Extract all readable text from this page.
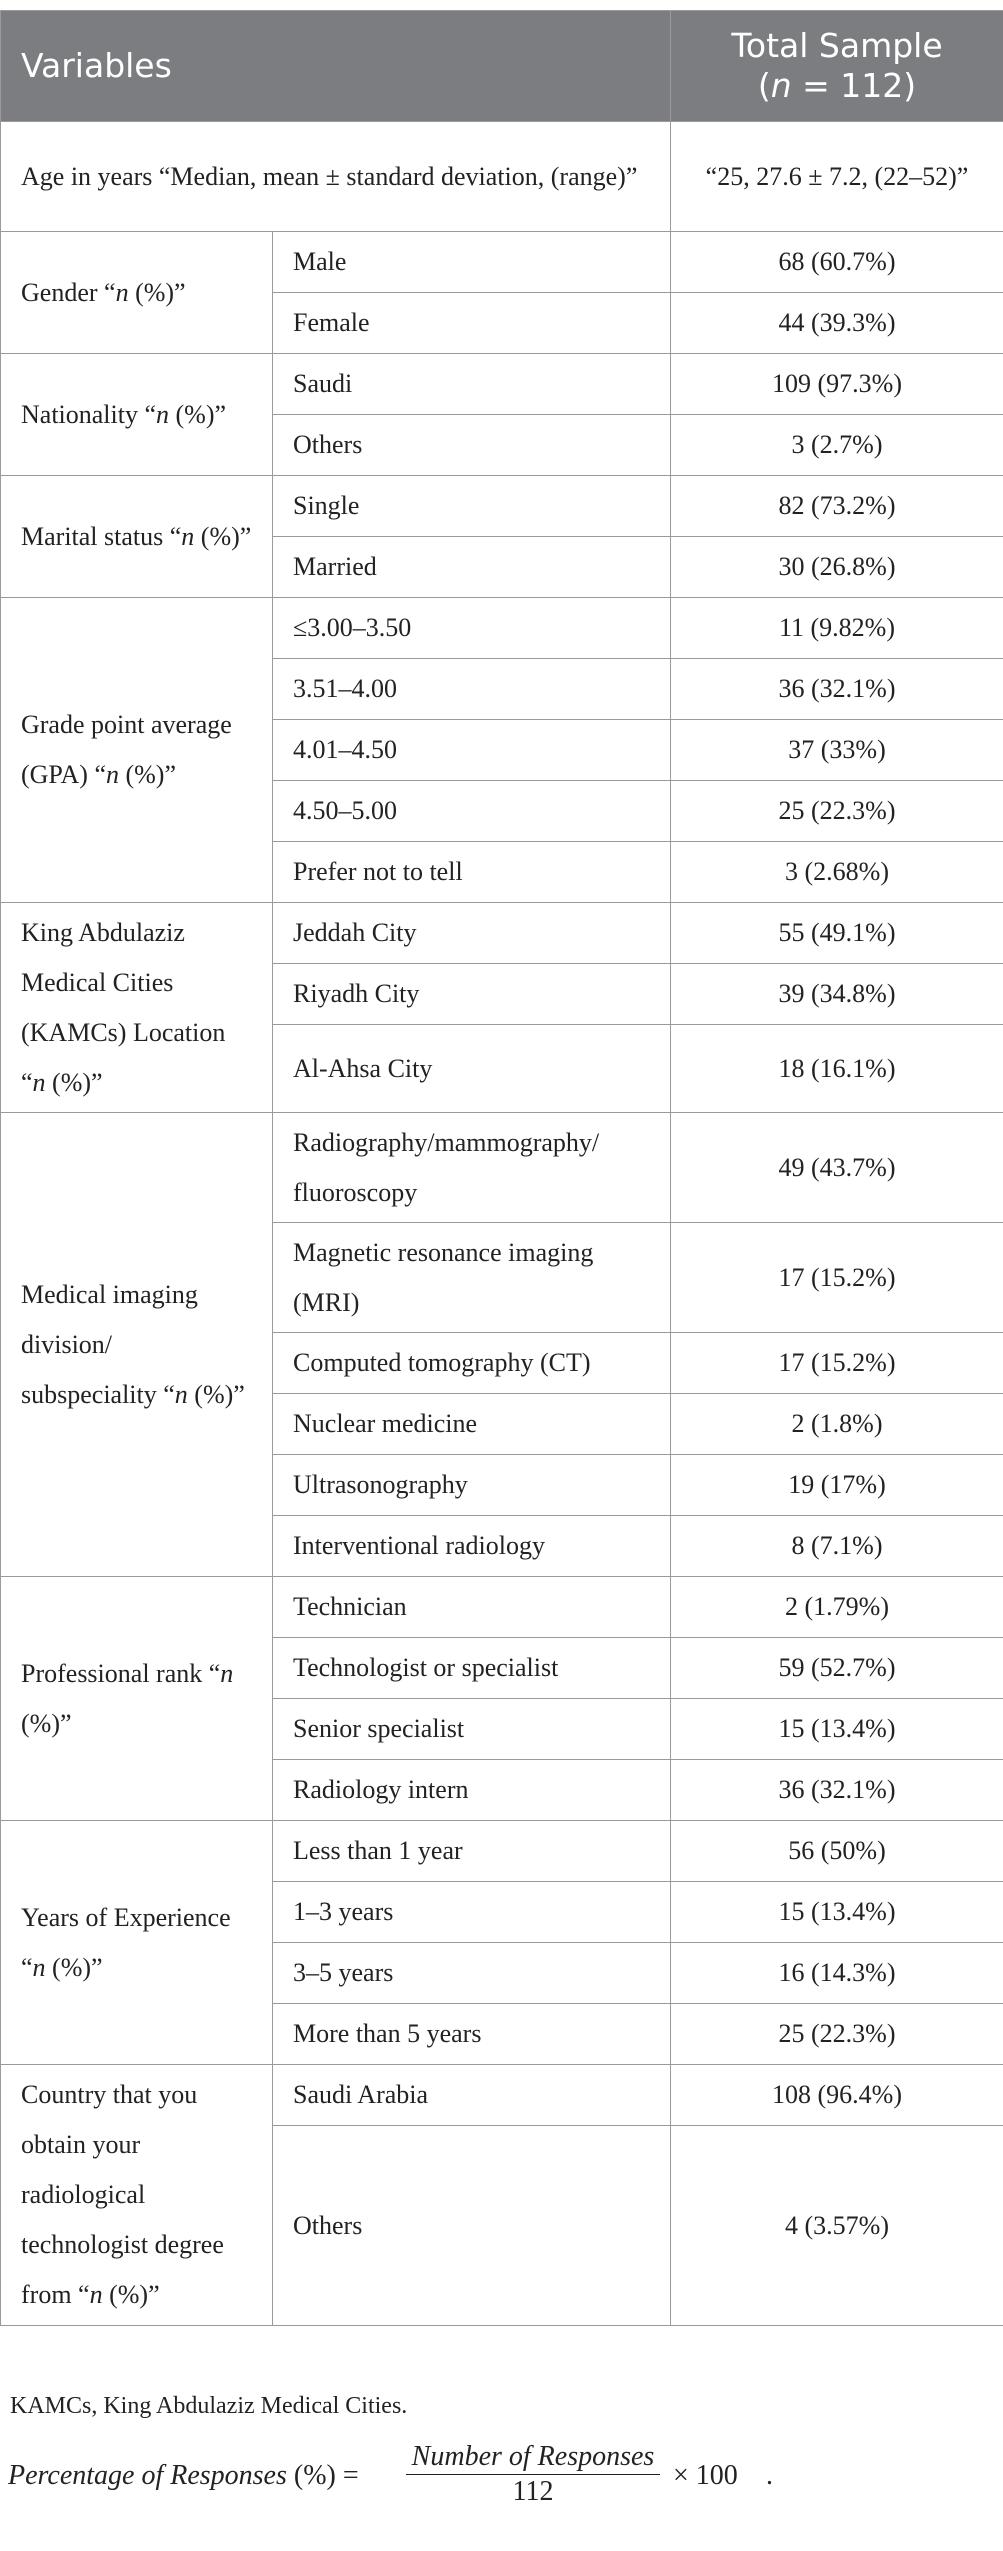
Variables		Total Sample
(n = 112)
Age in years “Median, mean ± standard deviation, (range)”		“25, 27.6 ± 7.2, (22–52)”
Gender “n (%)”	Male	68 (60.7%)
	Female	44 (39.3%)
Nationality “n (%)”	Saudi	109 (97.3%)
	Others	3 (2.7%)
Marital status “n (%)”	Single	82 (73.2%)
	Married	30 (26.8%)
Grade point average (GPA) “n (%)”	≤3.00–3.50	11 (9.82%)
	3.51–4.00	36 (32.1%)
	4.01–4.50	37 (33%)
	4.50–5.00	25 (22.3%)
	Prefer not to tell	3 (2.68%)
King Abdulaziz Medical Cities (KAMCs) Location “n (%)”	Jeddah City	55 (49.1%)
	Riyadh City	39 (34.8%)
	Al-Ahsa City	18 (16.1%)
Medical imaging division/ subspeciality “n (%)”	Radiography/mammography/ fluoroscopy	49 (43.7%)
	Magnetic resonance imaging (MRI)	17 (15.2%)
	Computed tomography (CT)	17 (15.2%)
	Nuclear medicine	2 (1.8%)
	Ultrasonography	19 (17%)
	Interventional radiology	8 (7.1%)
Professional rank “n (%)”	Technician	2 (1.79%)
	Technologist or specialist	59 (52.7%)
	Senior specialist	15 (13.4%)
	Radiology intern	36 (32.1%)
Years of Experience “n (%)”	Less than 1 year	56 (50%)
	1–3 years	15 (13.4%)
	3–5 years	16 (14.3%)
	More than 5 years	25 (22.3%)
Country that you obtain your radiological technologist degree from “n (%)”	Saudi Arabia	108 (96.4%)
	Others	4 (3.57%)
KAMCs, King Abdulaziz Medical Cities.
Percentage of Responses (%) =
Number of Responses
112
× 100 .
